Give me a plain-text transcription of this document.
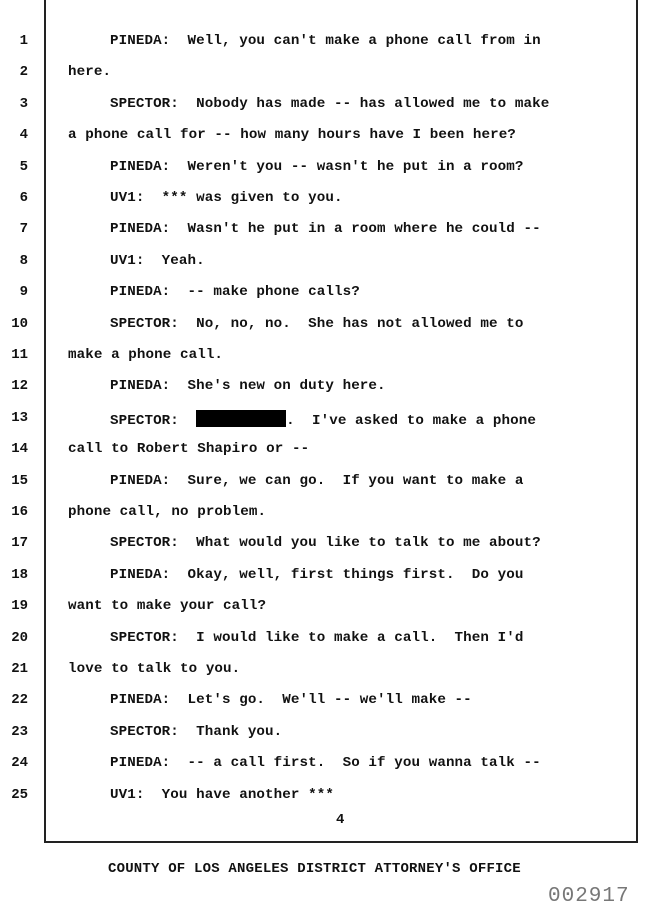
1	PINEDA:  Well, you can't make a phone call from in
2	here.
3	SPECTOR:  Nobody has made -- has allowed me to make
4	a phone call for -- how many hours have I been here?
5	PINEDA:  Weren't you -- wasn't he put in a room?
6	UV1:  *** was given to you.
7	PINEDA:  Wasn't he put in a room where he could --
8	UV1:  Yeah.
9	PINEDA:  -- make phone calls?
10	SPECTOR:  No, no, no.  She has not allowed me to
11	make a phone call.
12	PINEDA:  She's new on duty here.
13	SPECTOR:	.  I've asked to make a phone
14	call to Robert Shapiro or --
15	PINEDA:  Sure, we can go.  If you want to make a
16	phone call, no problem.
17	SPECTOR:  What would you like to talk to me about?
18	PINEDA:  Okay, well, first things first.  Do you
19	want to make your call?
20	SPECTOR:  I would like to make a call.  Then I'd
21	love to talk to you.
22	PINEDA:  Let's go.  We'll -- we'll make --
23	SPECTOR:  Thank you.
24	PINEDA:  -- a call first.  So if you wanna talk --
25	UV1:  You have another ***
4
COUNTY OF LOS ANGELES DISTRICT ATTORNEY'S OFFICE
002917
